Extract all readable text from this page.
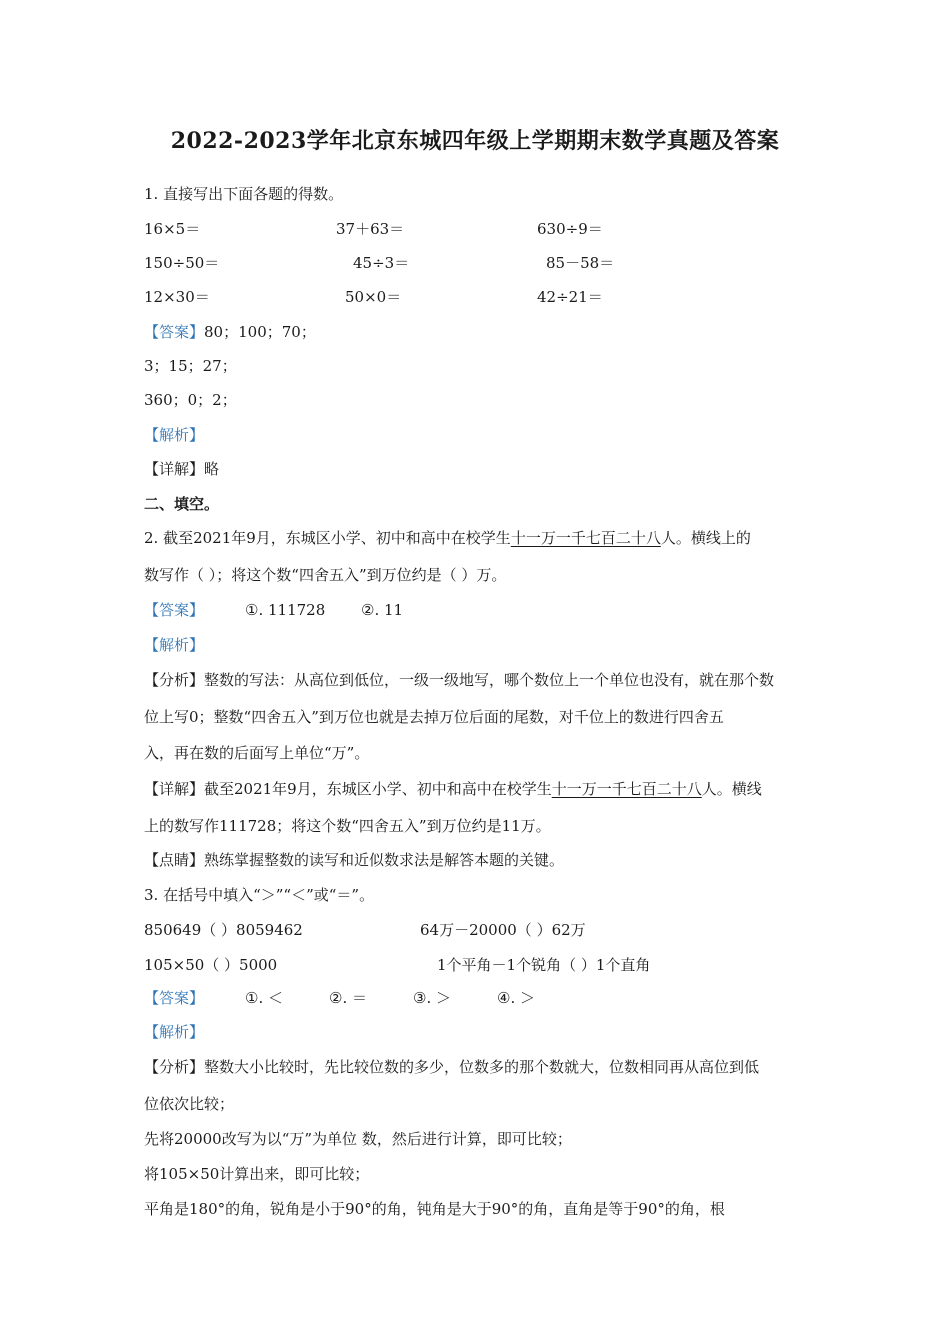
2022-2023学年北京东城四年级上学期期末数学真题及答案
1. 直接写出下面各题的得数。
16×5＝	37＋63＝	630÷9＝
150÷50＝	45÷3＝	85－58＝
12×30＝	50×0＝	42÷21＝
【答案】80；100；70；
3；15；27；
360；0；2；
【解析】
【详解】略
二、填空。
2. 截至2021年9月，东城区小学、初中和高中在校学生十一万一千七百二十八人。横线上的
数写作（ ）；将这个数“四舍五入”到万位约是（ ）万。
【答案】	①. 111728 ②. 11
【解析】
【分析】整数的写法：从高位到低位，一级一级地写，哪个数位上一个单位也没有，就在那个数
位上写0；整数“四舍五入”到万位也就是去掉万位后面的尾数，对千位上的数进行四舍五
入，再在数的后面写上单位“万”。
【详解】截至2021年9月，东城区小学、初中和高中在校学生十一万一千七百二十八人。横线
上的数写作111728；将这个数“四舍五入”到万位约是11万。
【点睛】熟练掌握整数的读写和近似数求法是解答本题的关键。
3. 在括号中填入“＞”“＜”或“＝”。
850649（ ）8059462	64万－20000（ ）62万
105×50（ ）5000	1个平角－1个锐角（ ）1个直角
【答案】	①. ＜	②. ＝	③. ＞	④. ＞
【解析】
【分析】整数大小比较时，先比较位数的多少，位数多的那个数就大，位数相同再从高位到低
位依次比较；
先将20000改写为以“万”为单位 数，然后进行计算，即可比较；
将105×50计算出来，即可比较；
平角是180°的角，锐角是小于90°的角，钝角是大于90°的角，直角是等于90°的角，根
